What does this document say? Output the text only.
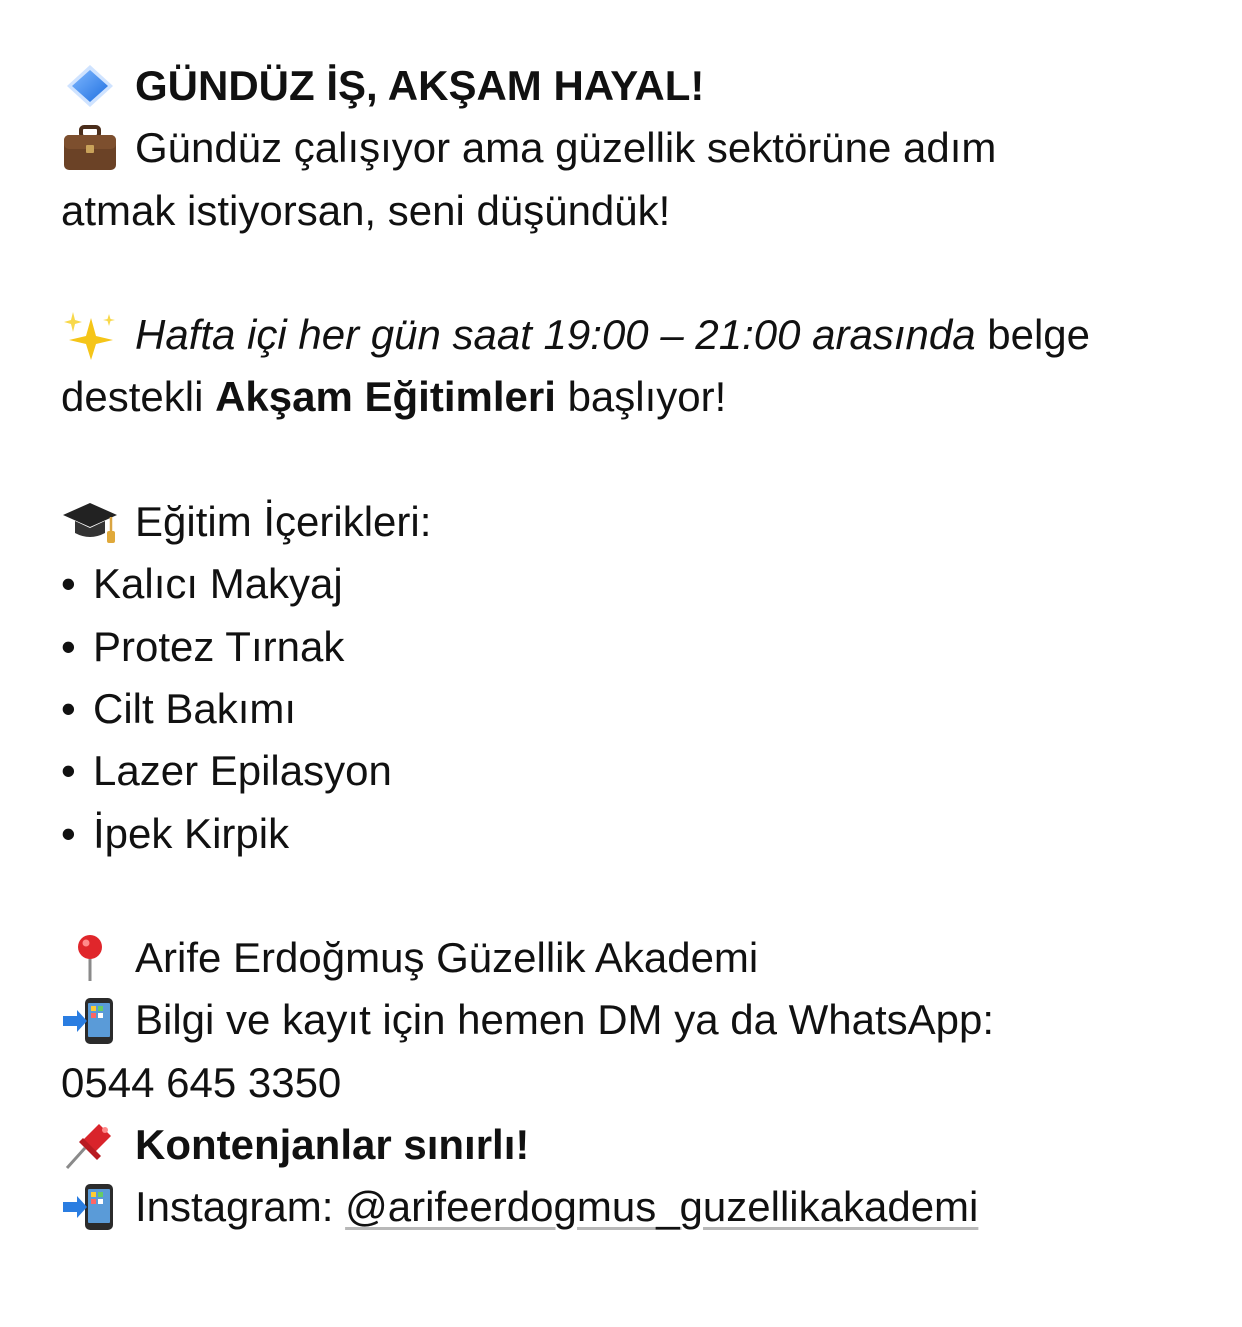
GÜNDÜZ İŞ, AKŞAM HAYAL!
Gündüz çalışıyor ama güzellik sektörüne adım
atmak istiyorsan, seni düşündük!
Hafta içi her gün saat 19:00 – 21:00 arasında
belge
destekli
Akşam Eğitimleri
başlıyor!
Eğitim İçerikleri:
• Kalıcı Makyaj
• Protez Tırnak
• Cilt Bakımı
• Lazer Epilasyon
• İpek Kirpik
Arife Erdoğmuş Güzellik Akademi
Bilgi ve kayıt için hemen DM ya da WhatsApp:
0544 645 3350
Kontenjanlar sınırlı!
Instagram:
@arifeerdogmus_guzellikakademi
